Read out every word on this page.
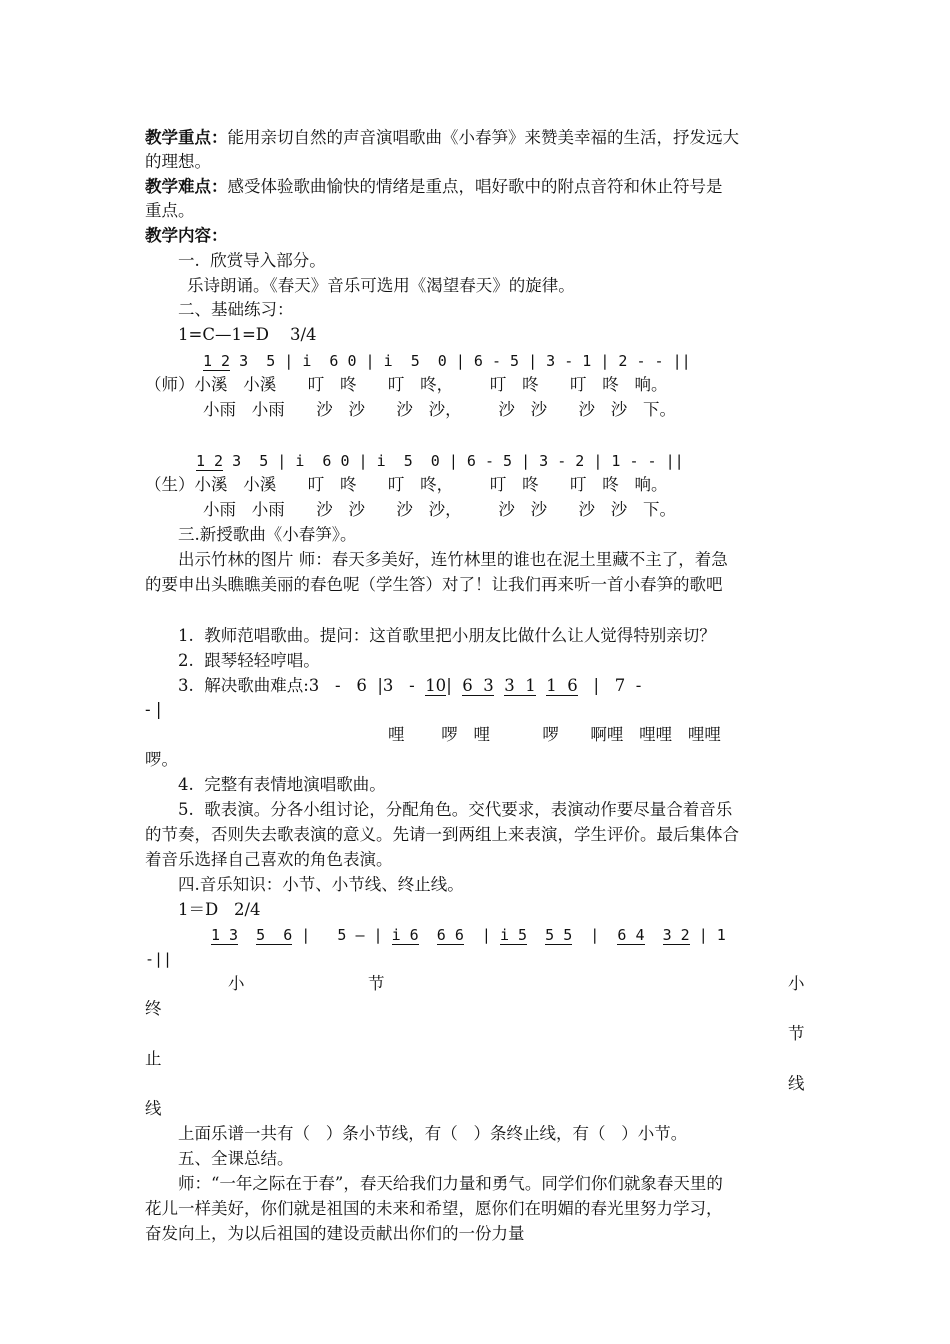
教学重点：能用亲切自然的声音演唱歌曲《小春笋》来赞美幸福的生活，抒发远大
的理想。
教学难点：感受体验歌曲愉快的情绪是重点，唱好歌中的附点音符和休止符号是
重点。
教学内容：
一.  欣赏导入部分。
乐诗朗诵。《春天》音乐可选用《渴望春天》的旋律。
二、基础练习：
1=C—1=D    3/4
1 2 3  5 | i  6 0 | i  5  0 | 6 - 5 | 3 - 1 | 2 - - ||
（师）小溪   小溪      叮   咚      叮   咚，       叮   咚      叮   咚   响。
小雨   小雨      沙   沙      沙   沙，       沙   沙      沙   沙   下。
1 2 3  5 | i  6 0 | i  5  0 | 6 - 5 | 3 - 2 | 1 - - ||
（生）小溪   小溪      叮   咚      叮   咚，       叮   咚      叮   咚   响。
小雨   小雨      沙   沙      沙   沙，       沙   沙      沙   沙   下。
三.新授歌曲《小春笋》。
出示竹林的图片 师：春天多美好，连竹林里的谁也在泥土里藏不主了，着急
的要申出头瞧瞧美丽的春色呢（学生答）对了！让我们再来听一首小春笋的歌吧
1.  教师范唱歌曲。提问：这首歌里把小朋友比做什么让人觉得特别亲切？
2.  跟琴轻轻哼唱。
3.  解决歌曲难点:3   -   6  |3   -  10|  6  3 3  1 1  6   |   7  -
- |
哩       啰   哩          啰      啊哩   哩哩   哩哩
啰。
4.  完整有表情地演唱歌曲。
5.  歌表演。分各小组讨论，分配角色。交代要求，表演动作要尽量合着音乐
的节奏，否则失去歌表演的意义。先请一到两组上来表演，学生评价。最后集体合
着音乐选择自己喜欢的角色表演。
四.音乐知识：小节、小节线、终止线。
1＝D   2/4
1 3 5  6 |   5 — | i 6 6 6  | i 5 5 5  |  6 4 3 2 | 1
-||
小	节	小
终
节
止
线
线
上面乐谱一共有（   ）条小节线，有（   ）条终止线，有（   ）小节。
五、全课总结。
师：“一年之际在于春”，春天给我们力量和勇气。同学们你们就象春天里的
花儿一样美好，你们就是祖国的未来和希望，愿你们在明媚的春光里努力学习，
奋发向上，为以后祖国的建设贡献出你们的一份力量
